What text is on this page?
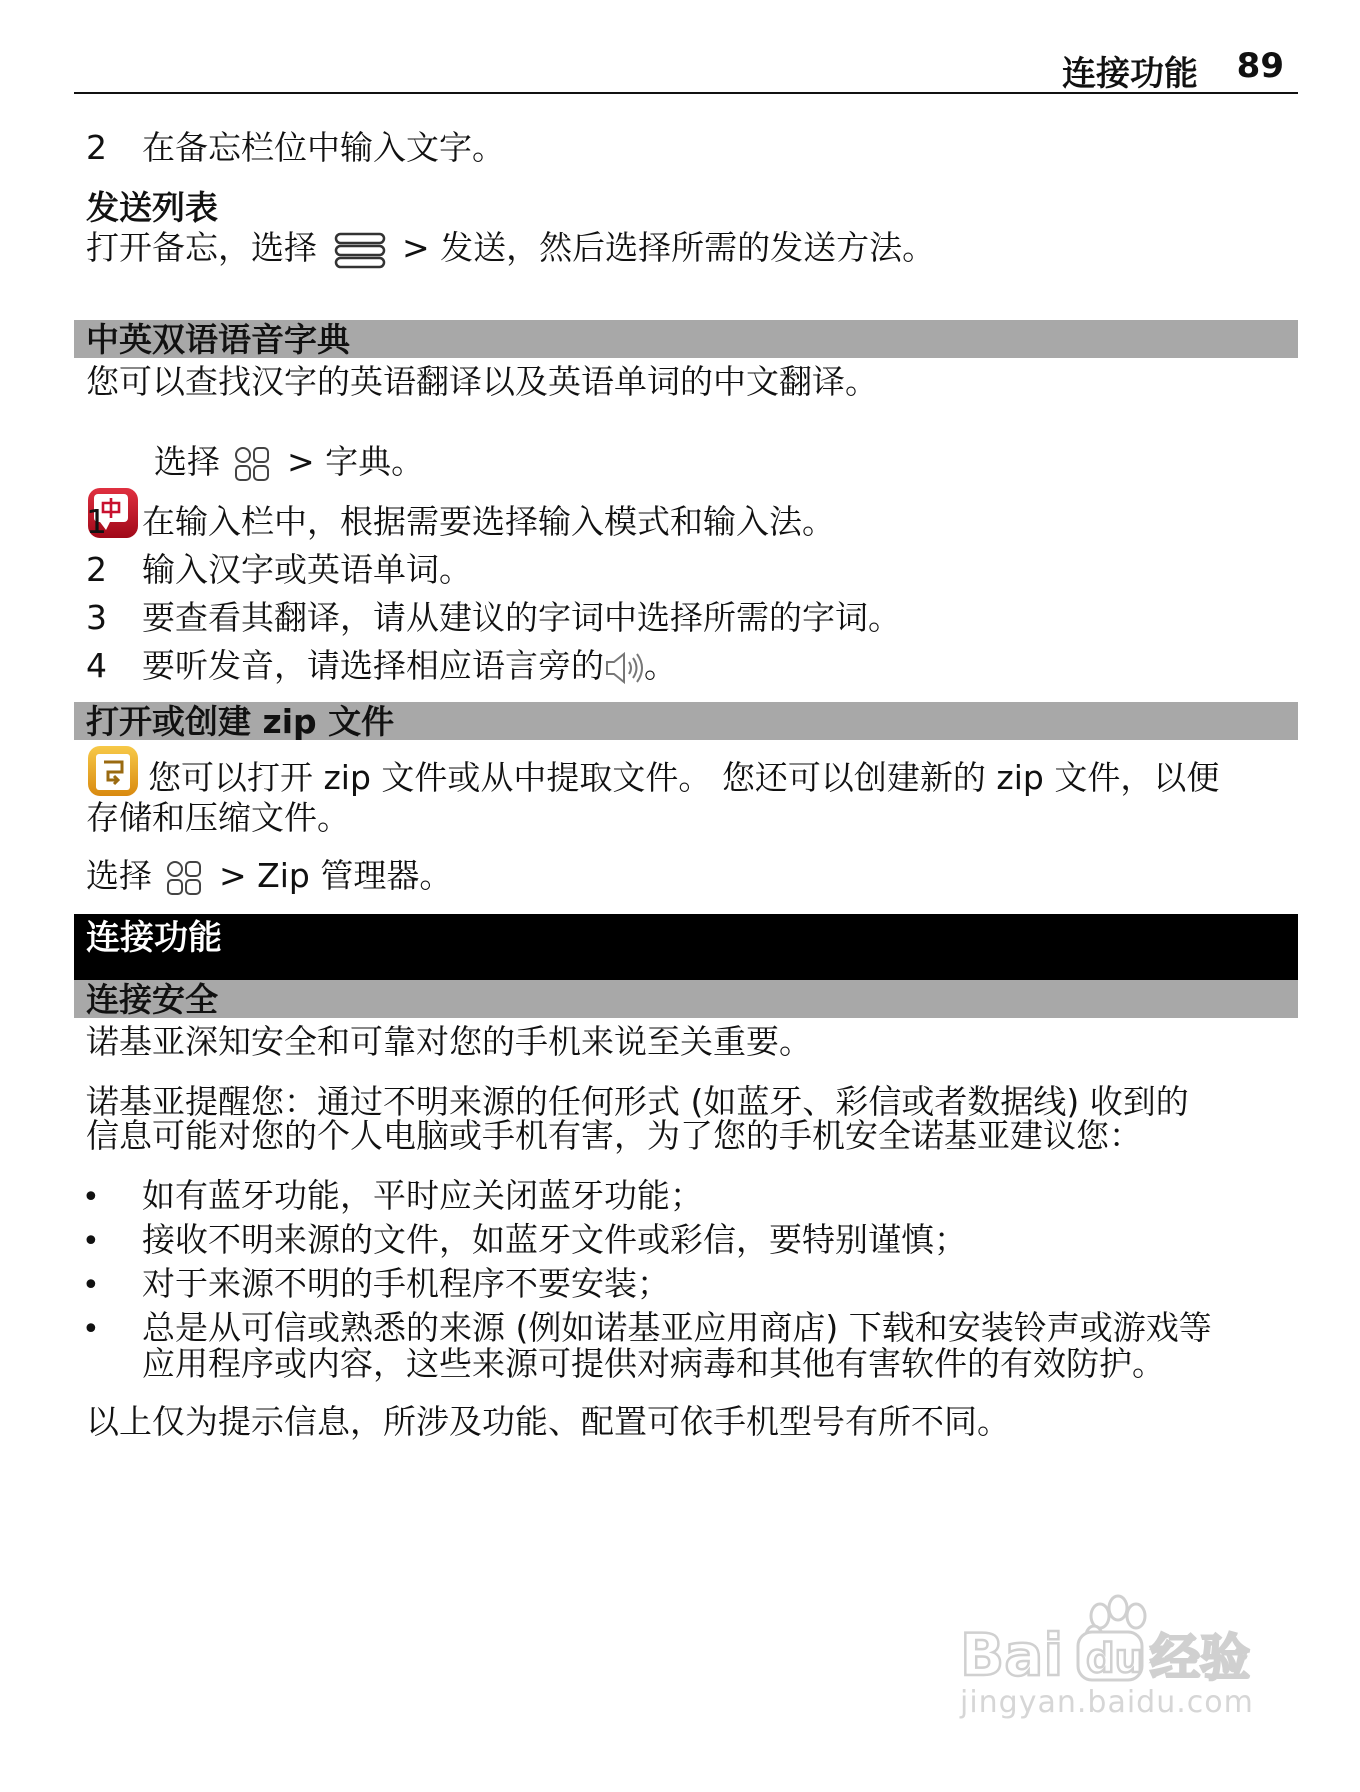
连接功能 89
2 在备忘栏位中输入文字。
发送列表
打开备忘，选择	> 发送，然后选择所需的发送方法。
中英双语语音字典
您可以查找汉字的英语翻译以及英语单词的中文翻译。
选择 > 字典。
1 在输入栏中，根据需要选择输入模式和输入法。
2 输入汉字或英语单词。
3 要查看其翻译，请从建议的字词中选择所需的字词。
4 要听发音，请选择相应语言旁的 。
打开或创建 zip 文件
您可以打开 zip 文件或从中提取文件。 您还可以创建新的 zip 文件，以便
存储和压缩文件。
选择 > Zip 管理器。
连接功能
连接安全
诺基亚深知安全和可靠对您的手机来说至关重要。
诺基亚提醒您：通过不明来源的任何形式 (如蓝牙、彩信或者数据线) 收到的
信息可能对您的个人电脑或手机有害，为了您的手机安全诺基亚建议您：
• 如有蓝牙功能，平时应关闭蓝牙功能；
• 接收不明来源的文件，如蓝牙文件或彩信，要特别谨慎；
• 对于来源不明的手机程序不要安装；
• 总是从可信或熟悉的来源 (例如诺基亚应用商店) 下载和安装铃声或游戏等
应用程序或内容，这些来源可提供对病毒和其他有害软件的有效防护。
以上仅为提示信息，所涉及功能、配置可依手机型号有所不同。
Bai du 经验
jingyan.baidu.com
